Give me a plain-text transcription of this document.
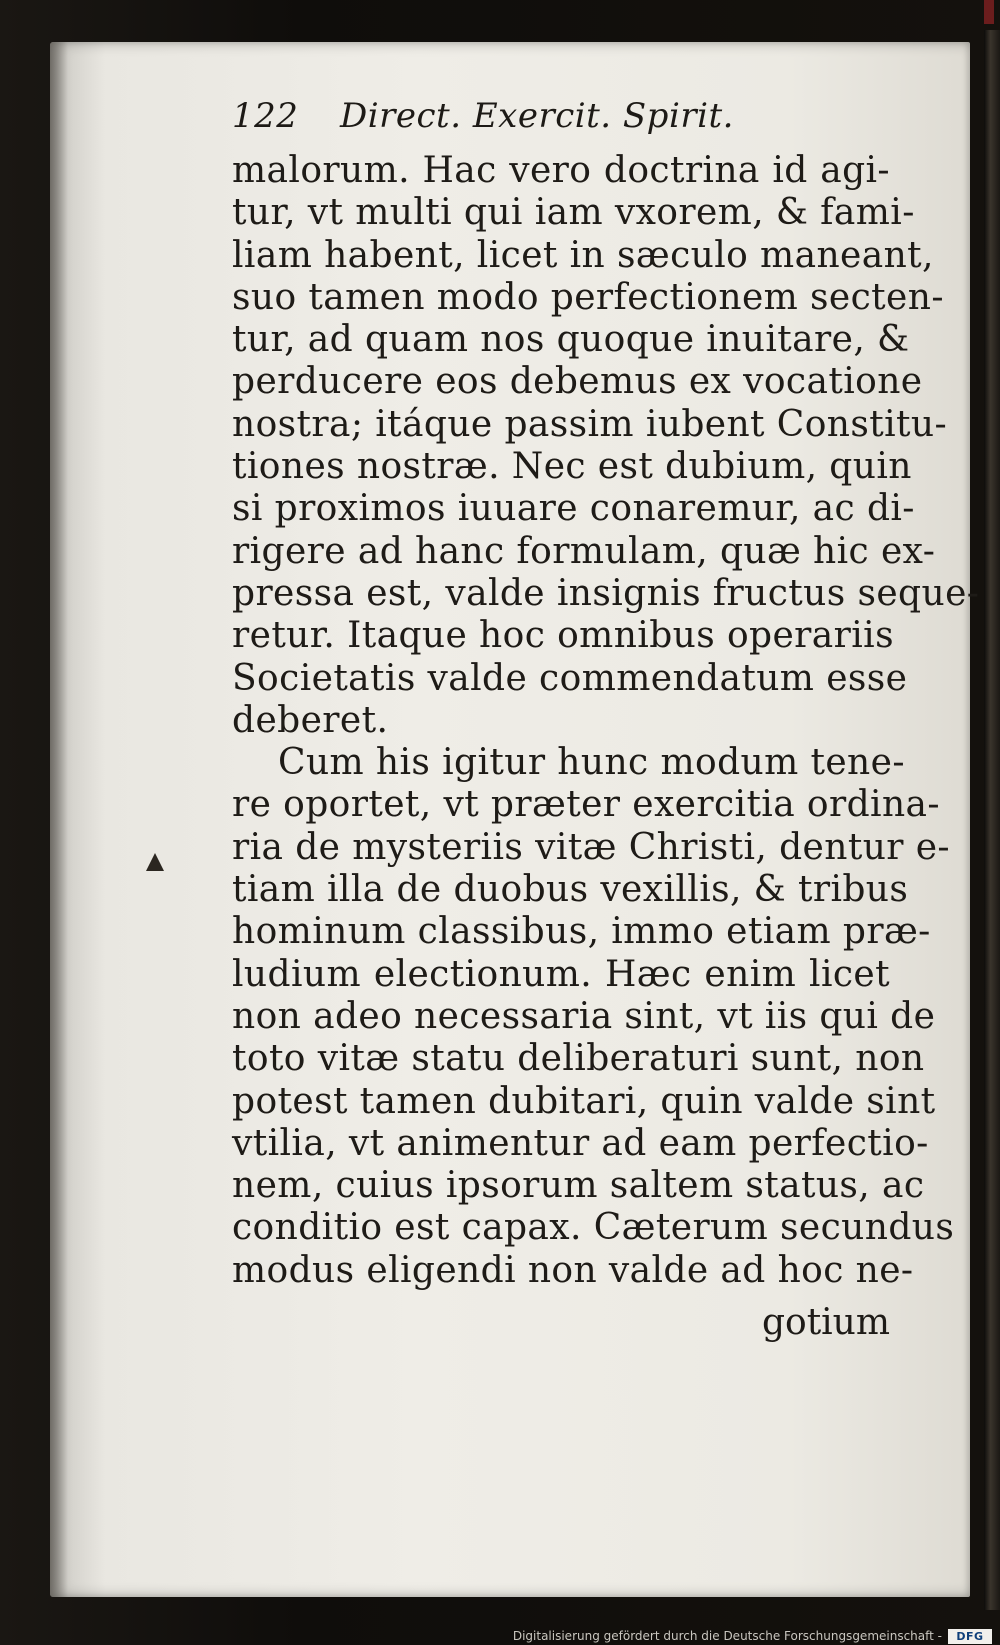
122 Direct. Exercit. Spirit.
malorum. Hac vero doctrina id agi-
tur, vt multi qui iam vxorem, & fami-
liam habent, licet in sæculo maneant,
suo tamen modo perfectionem secten-
tur, ad quam nos quoque inuitare, &
perducere eos debemus ex vocatione
nostra; itáque passim iubent Constitu-
tiones nostræ. Nec est dubium, quin
si proximos iuuare conaremur, ac di-
rigere ad hanc formulam, quæ hic ex-
pressa est, valde insignis fructus seque-
retur. Itaque hoc omnibus operariis
Societatis valde commendatum esse
deberet.
Cum his igitur hunc modum tene-
re oportet, vt præter exercitia ordina-
ria de mysteriis vitæ Christi, dentur e-
tiam illa de duobus vexillis, & tribus
hominum classibus, immo etiam præ-
ludium electionum. Hæc enim licet
non adeo necessaria sint, vt iis qui de
toto vitæ statu deliberaturi sunt, non
potest tamen dubitari, quin valde sint
vtilia, vt animentur ad eam perfectio-
nem, cuius ipsorum saltem status, ac
conditio est capax. Cæterum secundus
modus eligendi non valde ad hoc ne-
gotium
Digitalisierung gefördert durch die Deutsche Forschungsgemeinschaft -	DFG
